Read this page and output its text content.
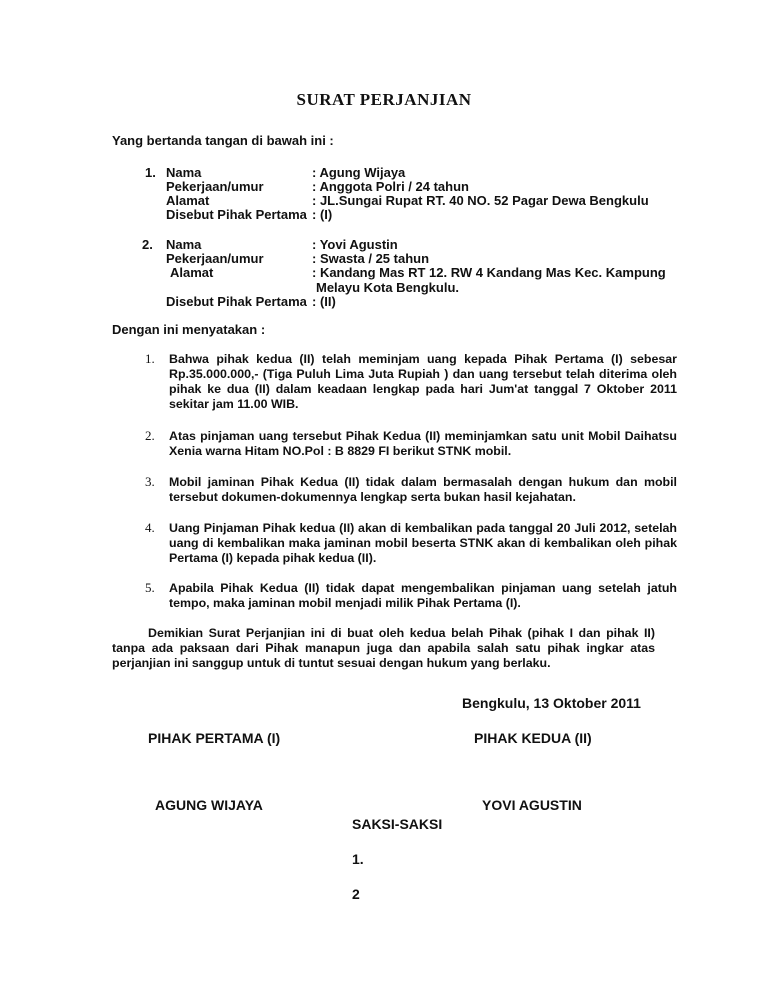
SURAT PERJANJIAN
Yang bertanda tangan di bawah ini :
1. Nama
Pekerjaan/umur
Alamat
Disebut Pihak Pertama
: Agung Wijaya
: Anggota Polri / 24 tahun
: JL.Sungai Rupat RT. 40 NO. 52 Pagar Dewa Bengkulu
: (I)
2. Nama
Pekerjaan/umur
Alamat
Disebut Pihak Pertama
: Yovi Agustin
: Swasta / 25 tahun
: Kandang Mas RT 12. RW 4 Kandang Mas Kec. Kampung
Melayu Kota Bengkulu.
: (II)
Dengan ini menyatakan :
1. Bahwa pihak kedua (II) telah meminjam uang kepada Pihak Pertama (I) sebesar Rp.35.000.000,- (Tiga Puluh Lima Juta Rupiah ) dan uang tersebut telah diterima oleh pihak ke dua (II) dalam keadaan lengkap pada hari Jum'at tanggal 7 Oktober 2011 sekitar jam 11.00 WIB.
2. Atas pinjaman uang tersebut Pihak Kedua (II) meminjamkan satu unit Mobil Daihatsu Xenia warna Hitam NO.Pol : B 8829 FI berikut STNK mobil.
3. Mobil jaminan Pihak Kedua (II) tidak dalam bermasalah dengan hukum dan mobil tersebut dokumen-dokumennya lengkap serta bukan hasil kejahatan.
4. Uang Pinjaman Pihak kedua (II) akan di kembalikan pada tanggal 20 Juli 2012, setelah uang di kembalikan maka jaminan mobil beserta STNK akan di kembalikan oleh pihak Pertama (I) kepada pihak kedua (II).
5. Apabila Pihak Kedua (II) tidak dapat mengembalikan pinjaman uang setelah jatuh tempo, maka jaminan mobil menjadi milik Pihak Pertama (I).
Demikian Surat Perjanjian ini di buat oleh kedua belah Pihak (pihak I dan pihak II) tanpa ada paksaan dari Pihak manapun juga dan apabila salah satu pihak ingkar atas perjanjian ini sanggup untuk di tuntut sesuai dengan hukum yang berlaku.
Bengkulu, 13 Oktober 2011
PIHAK PERTAMA (I)	PIHAK KEDUA (II)
AGUNG WIJAYA	YOVI AGUSTIN
SAKSI-SAKSI
1.
2
